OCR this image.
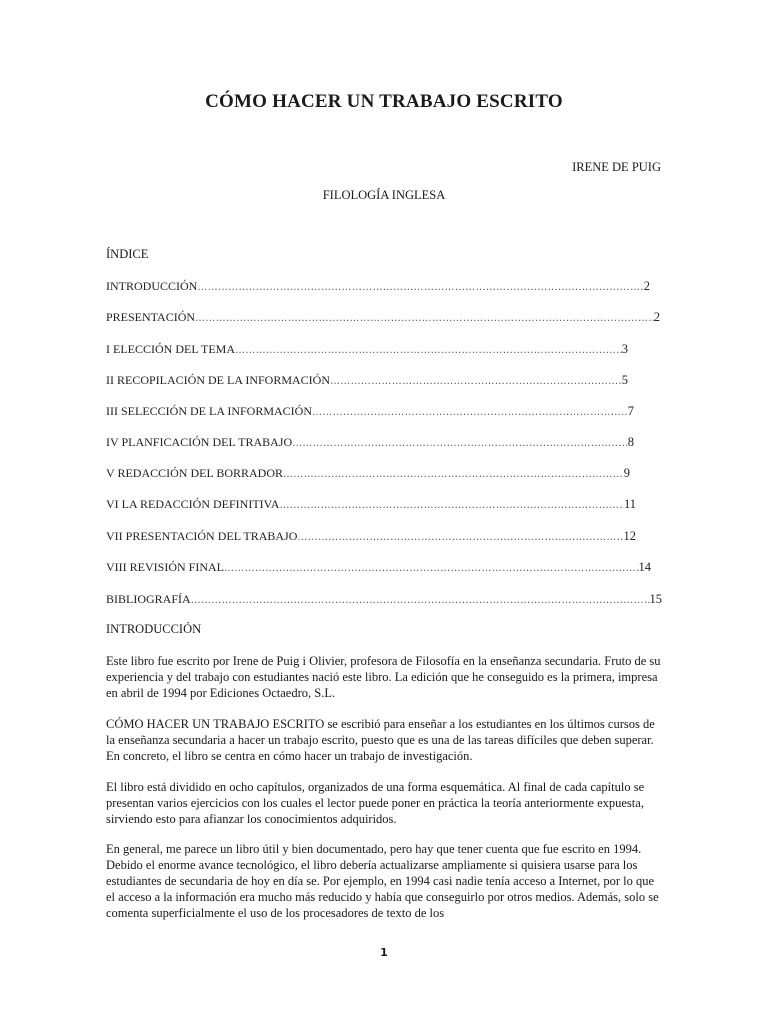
CÓMO HACER UN TRABAJO ESCRITO
IRENE DE PUIG
FILOLOGÍA INGLESA
ÍNDICE
INTRODUCCIÓN ……………………………………………………………………………………………………………………………………………………………………………	2
PRESENTACIÓN ……………………………………………………………………………………………………………………………………………………………………………	2
I ELECCIÓN DEL TEMA ……………………………………………………………………………………………………………………………………………………………………………	3
II RECOPILACIÓN DE LA INFORMACIÓN ……………………………………………………………………………………………………………………………………………………………………………	5
III SELECCIÓN DE LA INFORMACIÓN ……………………………………………………………………………………………………………………………………………………………………………	7
IV PLANFICACIÓN DEL TRABAJO ……………………………………………………………………………………………………………………………………………………………………………	8
V REDACCIÓN DEL BORRADOR ……………………………………………………………………………………………………………………………………………………………………………	9
VI LA REDACCIÓN DEFINITIVA ……………………………………………………………………………………………………………………………………………………………………………	11
VII PRESENTACIÓN DEL TRABAJO ……………………………………………………………………………………………………………………………………………………………………………	12
VIII REVISIÓN FINAL ……………………………………………………………………………………………………………………………………………………………………………	14
BIBLIOGRAFÍA ……………………………………………………………………………………………………………………………………………………………………………	15
INTRODUCCIÓN

Este libro fue escrito por Irene de Puig i Olivier, profesora de Filosofía en la enseñanza secundaria. Fruto de su experiencia y del trabajo con estudiantes nació este libro. La edición que he conseguido es la primera, impresa en abril de 1994 por Ediciones Octaedro, S.L.

CÓMO HACER UN TRABAJO ESCRITO se escribió para enseñar a los estudiantes en los últimos cursos de la enseñanza secundaria a hacer un trabajo escrito, puesto que es una de las tareas difíciles que deben superar. En concreto, el libro se centra en cómo hacer un trabajo de investigación.

El libro está dividido en ocho capítulos, organizados de una forma esquemática. Al final de cada capítulo se presentan varios ejercicios con los cuales el lector puede poner en práctica la teoría anteriormente expuesta, sirviendo esto para afianzar los conocimientos adquiridos.

En general, me parece un libro útil y bien documentado, pero hay que tener cuenta que fue escrito en 1994. Debido el enorme avance tecnológico, el libro debería actualizarse ampliamente si quisiera usarse para los estudiantes de secundaria de hoy en día se. Por ejemplo, en 1994 casi nadie tenía acceso a Internet, por lo que el acceso a la información era mucho más reducido y había que conseguirlo por otros medios. Además, solo se comenta superficialmente el uso de los procesadores de texto de los

1
